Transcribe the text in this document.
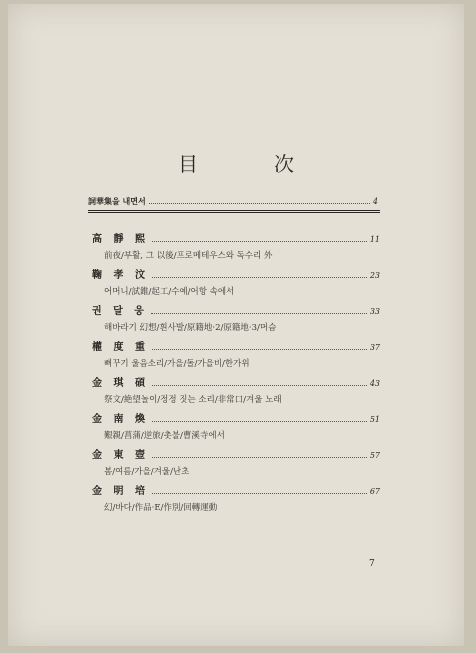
目　次
詞華集을 내면서	4
高 靜 熙	11
前夜/부활, 그 以後/프로메테우스와 독수리 外
鞠 孝 汶	23
어머니/試錐/起工/수예/어항 속에서
권 달 웅	33
해바라기 幻想/흰사발/原籍地·2/原籍地·3/머슴
權 度 重	37
뻐꾸기 울음소리/가을/돌/가을비/한가위
金 琪 碩	43
祭文/絶望놀이/정정 짓는 소리/非常口/겨울 노래
金 南 煥	51
艱親/菖蒲/逆旅/촛불/曹溪寺에서
金 東 壺	57
봄/여름/가을/겨울/난초
金 明 培	67
幻/바다/作品·E/作別/回轉運動
7
